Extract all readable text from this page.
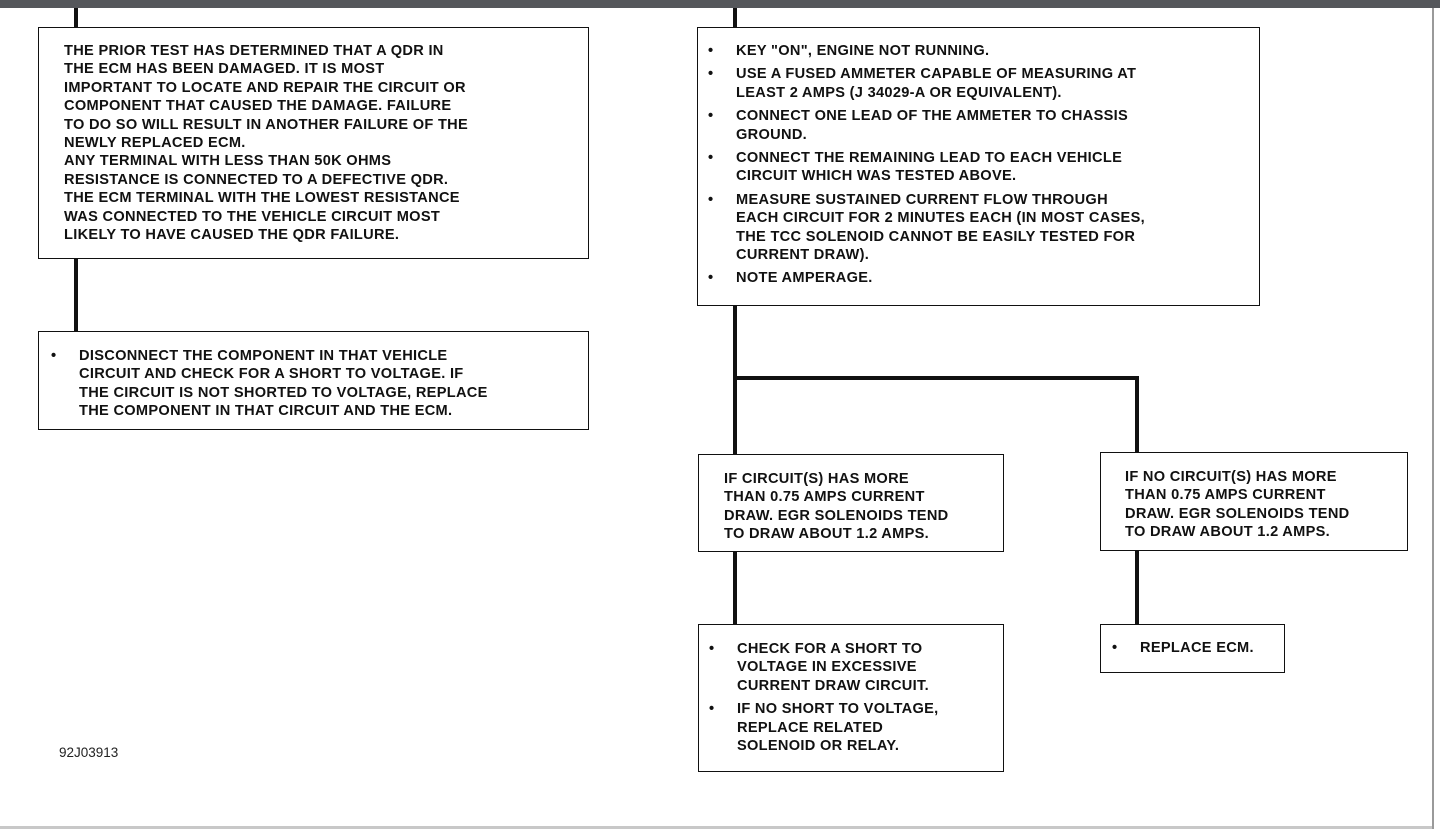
THE PRIOR TEST HAS DETERMINED THAT A QDR IN
THE ECM HAS BEEN DAMAGED. IT IS MOST
IMPORTANT TO LOCATE AND REPAIR THE CIRCUIT OR
COMPONENT THAT CAUSED THE DAMAGE. FAILURE
TO DO SO WILL RESULT IN ANOTHER FAILURE OF THE
NEWLY REPLACED ECM.
ANY TERMINAL WITH LESS THAN 50K OHMS
RESISTANCE IS CONNECTED TO A DEFECTIVE QDR.
THE ECM TERMINAL WITH THE LOWEST RESISTANCE
WAS CONNECTED TO THE VEHICLE CIRCUIT MOST
LIKELY TO HAVE CAUSED THE QDR FAILURE.
•	DISCONNECT THE COMPONENT IN THAT VEHICLE
CIRCUIT AND CHECK FOR A SHORT TO VOLTAGE. IF
THE CIRCUIT IS NOT SHORTED TO VOLTAGE, REPLACE
THE COMPONENT IN THAT CIRCUIT AND THE ECM.
•	KEY "ON", ENGINE NOT RUNNING.
•	USE A FUSED AMMETER CAPABLE OF MEASURING AT
LEAST 2 AMPS (J 34029-A OR EQUIVALENT).
•	CONNECT ONE LEAD OF THE AMMETER TO CHASSIS
GROUND.
•	CONNECT THE REMAINING LEAD TO EACH VEHICLE
CIRCUIT WHICH WAS TESTED ABOVE.
•	MEASURE SUSTAINED CURRENT FLOW THROUGH
EACH CIRCUIT FOR 2 MINUTES EACH (IN MOST CASES,
THE TCC SOLENOID CANNOT BE EASILY TESTED FOR
CURRENT DRAW).
•	NOTE AMPERAGE.
IF CIRCUIT(S) HAS MORE
THAN 0.75 AMPS CURRENT
DRAW. EGR SOLENOIDS TEND
TO DRAW ABOUT 1.2 AMPS.
IF NO CIRCUIT(S) HAS MORE
THAN 0.75 AMPS CURRENT
DRAW. EGR SOLENOIDS TEND
TO DRAW ABOUT 1.2 AMPS.
•	CHECK FOR A SHORT TO
VOLTAGE IN EXCESSIVE
CURRENT DRAW CIRCUIT.
•	IF NO SHORT TO VOLTAGE,
REPLACE RELATED
SOLENOID OR RELAY.
•	REPLACE ECM.
92J03913
